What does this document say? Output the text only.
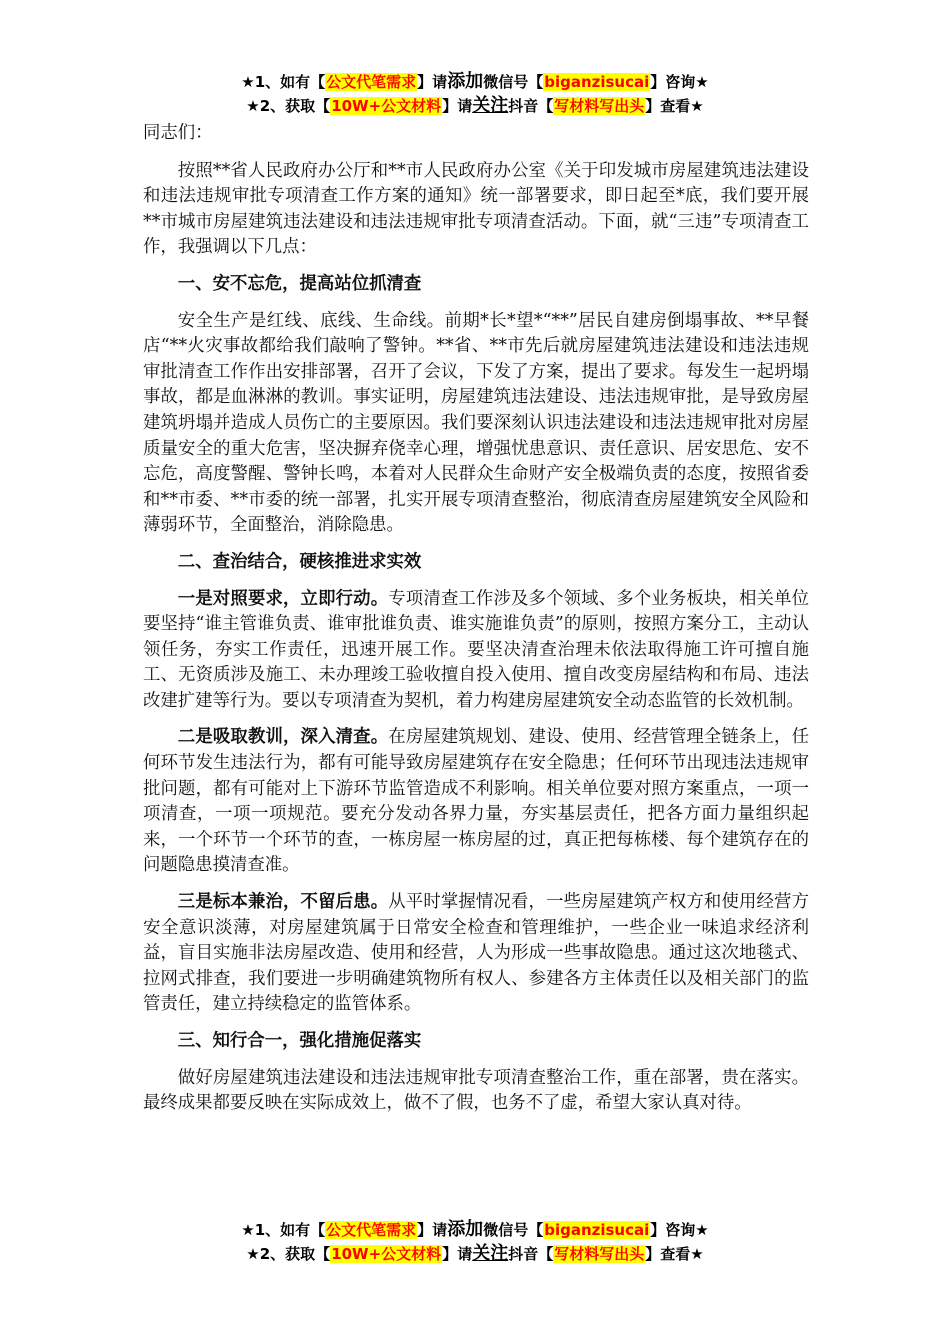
★1、如有【公文代笔需求】请添加微信号【biganzisucai】咨询★
★2、获取【10W+公文材料】请关注抖音【写材料写出头】查看★

同志们：

按照**省人民政府办公厅和**市人民政府办公室《关于印发城市房屋建筑违法建设和违法违规审批专项清查工作方案的通知》统一部署要求，即日起至*底，我们要开展**市城市房屋建筑违法建设和违法违规审批专项清查活动。下面，就“三违”专项清查工作，我强调以下几点：

一、安不忘危，提高站位抓清查

安全生产是红线、底线、生命线。前期*长*望*“**”居民自建房倒塌事故、**早餐店“**火灾事故都给我们敲响了警钟。**省、**市先后就房屋建筑违法建设和违法违规审批清查工作作出安排部署，召开了会议，下发了方案，提出了要求。每发生一起坍塌事故，都是血淋淋的教训。事实证明，房屋建筑违法建设、违法违规审批，是导致房屋建筑坍塌并造成人员伤亡的主要原因。我们要深刻认识违法建设和违法违规审批对房屋质量安全的重大危害，坚决摒弃侥幸心理，增强忧患意识、责任意识、居安思危、安不忘危，高度警醒、警钟长鸣，本着对人民群众生命财产安全极端负责的态度，按照省委和**市委、**市委的统一部署，扎实开展专项清查整治，彻底清查房屋建筑安全风险和薄弱环节，全面整治，消除隐患。

二、查治结合，硬核推进求实效

一是对照要求，立即行动。专项清查工作涉及多个领域、多个业务板块，相关单位要坚持“谁主管谁负责、谁审批谁负责、谁实施谁负责”的原则，按照方案分工，主动认领任务，夯实工作责任，迅速开展工作。要坚决清查治理未依法取得施工许可擅自施工、无资质涉及施工、未办理竣工验收擅自投入使用、擅自改变房屋结构和布局、违法改建扩建等行为。要以专项清查为契机，着力构建房屋建筑安全动态监管的长效机制。

二是吸取教训，深入清查。在房屋建筑规划、建设、使用、经营管理全链条上，任何环节发生违法行为，都有可能导致房屋建筑存在安全隐患；任何环节出现违法违规审批问题，都有可能对上下游环节监管造成不利影响。相关单位要对照方案重点，一项一项清查，一项一项规范。要充分发动各界力量，夯实基层责任，把各方面力量组织起来，一个环节一个环节的查，一栋房屋一栋房屋的过，真正把每栋楼、每个建筑存在的问题隐患摸清查准。

三是标本兼治，不留后患。从平时掌握情况看，一些房屋建筑产权方和使用经营方安全意识淡薄，对房屋建筑属于日常安全检查和管理维护，一些企业一味追求经济利益，盲目实施非法房屋改造、使用和经营，人为形成一些事故隐患。通过这次地毯式、拉网式排查，我们要进一步明确建筑物所有权人、参建各方主体责任以及相关部门的监管责任，建立持续稳定的监管体系。

三、知行合一，强化措施促落实

做好房屋建筑违法建设和违法违规审批专项清查整治工作，重在部署，贵在落实。最终成果都要反映在实际成效上，做不了假，也务不了虚，希望大家认真对待。

★1、如有【公文代笔需求】请添加微信号【biganzisucai】咨询★
★2、获取【10W+公文材料】请关注抖音【写材料写出头】查看★
